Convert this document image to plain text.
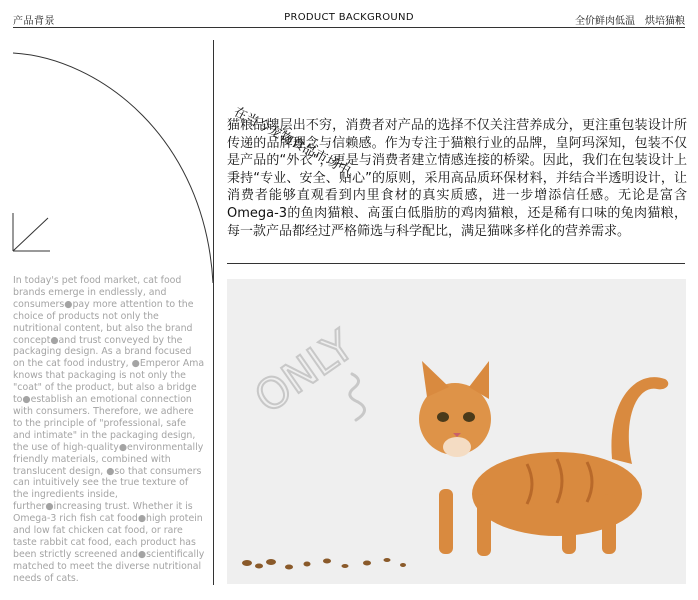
产品背景	PRODUCT BACKGROUND	全价鲜肉低温　烘培猫粮
In today's pet food market, cat food brands emerge in endlessly, and consumers●pay more attention to the choice of products not only the nutritional content, but also the brand concept●and trust conveyed by the packaging design. As a brand focused on the cat food industry, ●Emperor Ama knows that packaging is not only the "coat" of the product, but also a bridge to●establish an emotional connection with consumers. Therefore, we adhere to the principle of "professional, safe and intimate" in the packaging design, the use of high-quality●environmentally friendly materials, combined with translucent design, ●so that consumers can intuitively see the true texture of the ingredients inside, further●increasing trust. Whether it is Omega-3 rich fish cat food●high protein and low fat chicken cat food, or rare taste rabbit cat food, each product has been strictly screened and●scientifically matched to meet the diverse nutritional needs of cats.
在当今宠物食品市场中，
猫粮品牌层出不穷，消费者对产品的选择不仅关注营养成分，更注重包装设计所传递的品牌理念与信赖感。作为专注于猫粮行业的品牌，皇阿玛深知，包装不仅是产品的“外衣”，更是与消费者建立情感连接的桥梁。因此，我们在包装设计上秉持“专业、安全、贴心”的原则，采用高品质环保材料，并结合半透明设计，让消费者能够直观看到内里食材的真实质感，进一步增添信任感。无论是富含Omega-3的鱼肉猫粮、高蛋白低脂肪的鸡肉猫粮，还是稀有口味的兔肉猫粮，每一款产品都经过严格筛选与科学配比，满足猫咪多样化的营养需求。
ONLY
